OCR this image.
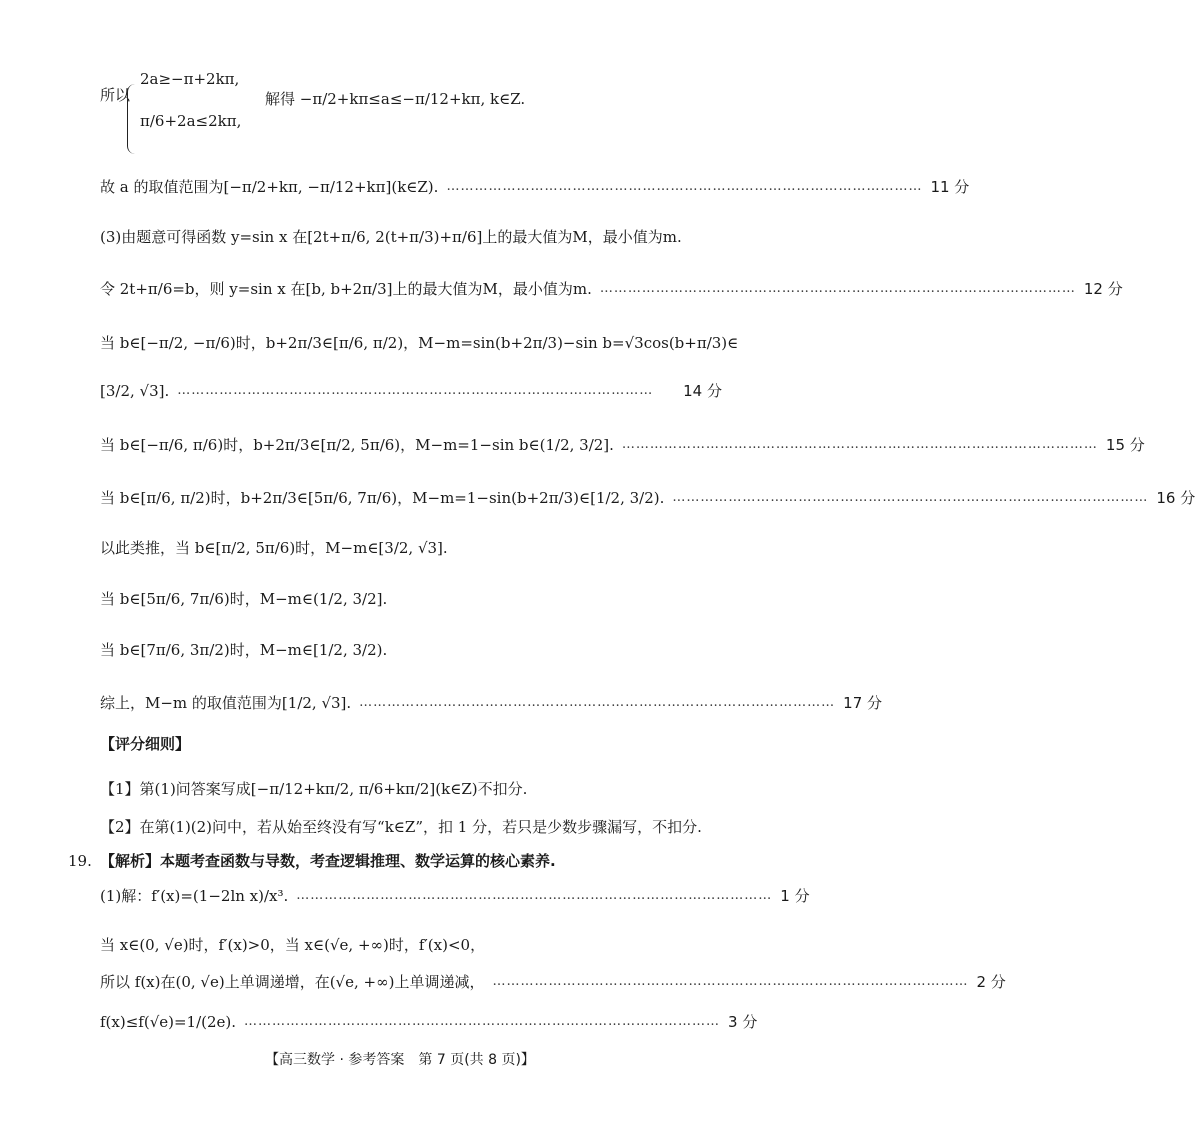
所以
2a≥−π+2kπ,
π/6+2a≤2kπ,
解得 −π/2+kπ≤a≤−π/12+kπ, k∈Z.
故 a 的取值范围为[−π/2+kπ, −π/12+kπ](k∈Z). ………………………………………………………………………………………… 11 分
(3)由题意可得函数 y=sin x 在[2t+π/6, 2(t+π/3)+π/6]上的最大值为M，最小值为m.
令 2t+π/6=b，则 y=sin x 在[b, b+2π/3]上的最大值为M，最小值为m. ………………………………………………………………………………………… 12 分
当 b∈[−π/2, −π/6)时，b+2π/3∈[π/6, π/2)，M−m=sin(b+2π/3)−sin b=√3cos(b+π/3)∈
[3/2, √3]. …………………………………………………………………………………………	14 分
当 b∈[−π/6, π/6)时，b+2π/3∈[π/2, 5π/6)，M−m=1−sin b∈(1/2, 3/2]. ………………………………………………………………………………………… 15 分
当 b∈[π/6, π/2)时，b+2π/3∈[5π/6, 7π/6)，M−m=1−sin(b+2π/3)∈[1/2, 3/2). ………………………………………………………………………………………… 16 分
以此类推，当 b∈[π/2, 5π/6)时，M−m∈[3/2, √3].
当 b∈[5π/6, 7π/6)时，M−m∈(1/2, 3/2].
当 b∈[7π/6, 3π/2)时，M−m∈[1/2, 3/2).
综上，M−m 的取值范围为[1/2, √3]. ………………………………………………………………………………………… 17 分
【评分细则】
【1】第(1)问答案写成[−π/12+kπ/2, π/6+kπ/2](k∈Z)不扣分.
【2】在第(1)(2)问中，若从始至终没有写“k∈Z”，扣 1 分，若只是少数步骤漏写，不扣分.
19. 【解析】本题考查函数与导数，考查逻辑推理、数学运算的核心素养.
(1)解：f′(x)=(1−2ln x)/x³. ………………………………………………………………………………………… 1 分
当 x∈(0, √e)时，f′(x)>0，当 x∈(√e, +∞)时，f′(x)<0，
所以 f(x)在(0, √e)上单调递增，在(√e, +∞)上单调递减， ………………………………………………………………………………………… 2 分
f(x)≤f(√e)=1/(2e). ………………………………………………………………………………………… 3 分
【高三数学 · 参考答案　第 7 页(共 8 页)】
